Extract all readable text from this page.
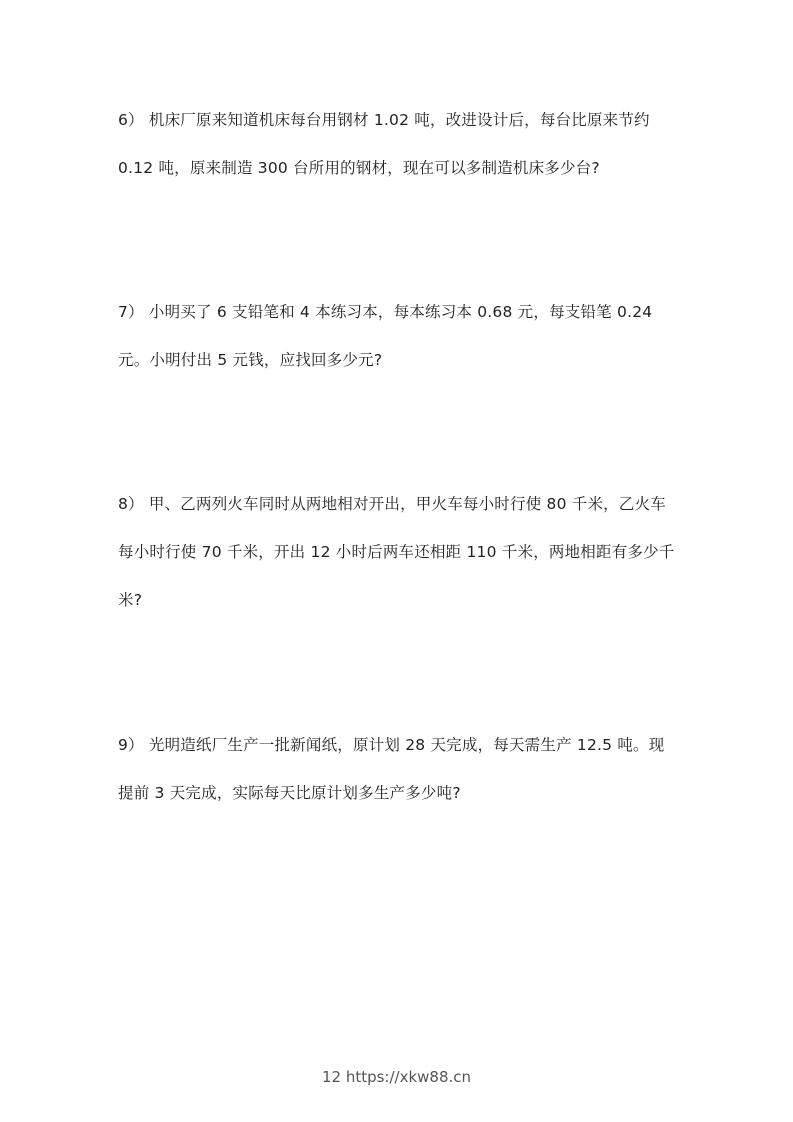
6） 机床厂原来知道机床每台用钢材 1.02 吨，改进设计后，每台比原来节约
0.12 吨，原来制造 300 台所用的钢材，现在可以多制造机床多少台?
7） 小明买了 6 支铅笔和 4 本练习本，每本练习本 0.68 元，每支铅笔 0.24
元。小明付出 5 元钱，应找回多少元?
8） 甲、乙两列火车同时从两地相对开出，甲火车每小时行使 80 千米，乙火车
每小时行使 70 千米，开出 12 小时后两车还相距 110 千米，两地相距有多少千
米?
9） 光明造纸厂生产一批新闻纸，原计划 28 天完成，每天需生产 12.5 吨。现
提前 3 天完成，实际每天比原计划多生产多少吨?
12 https://xkw88.cn
